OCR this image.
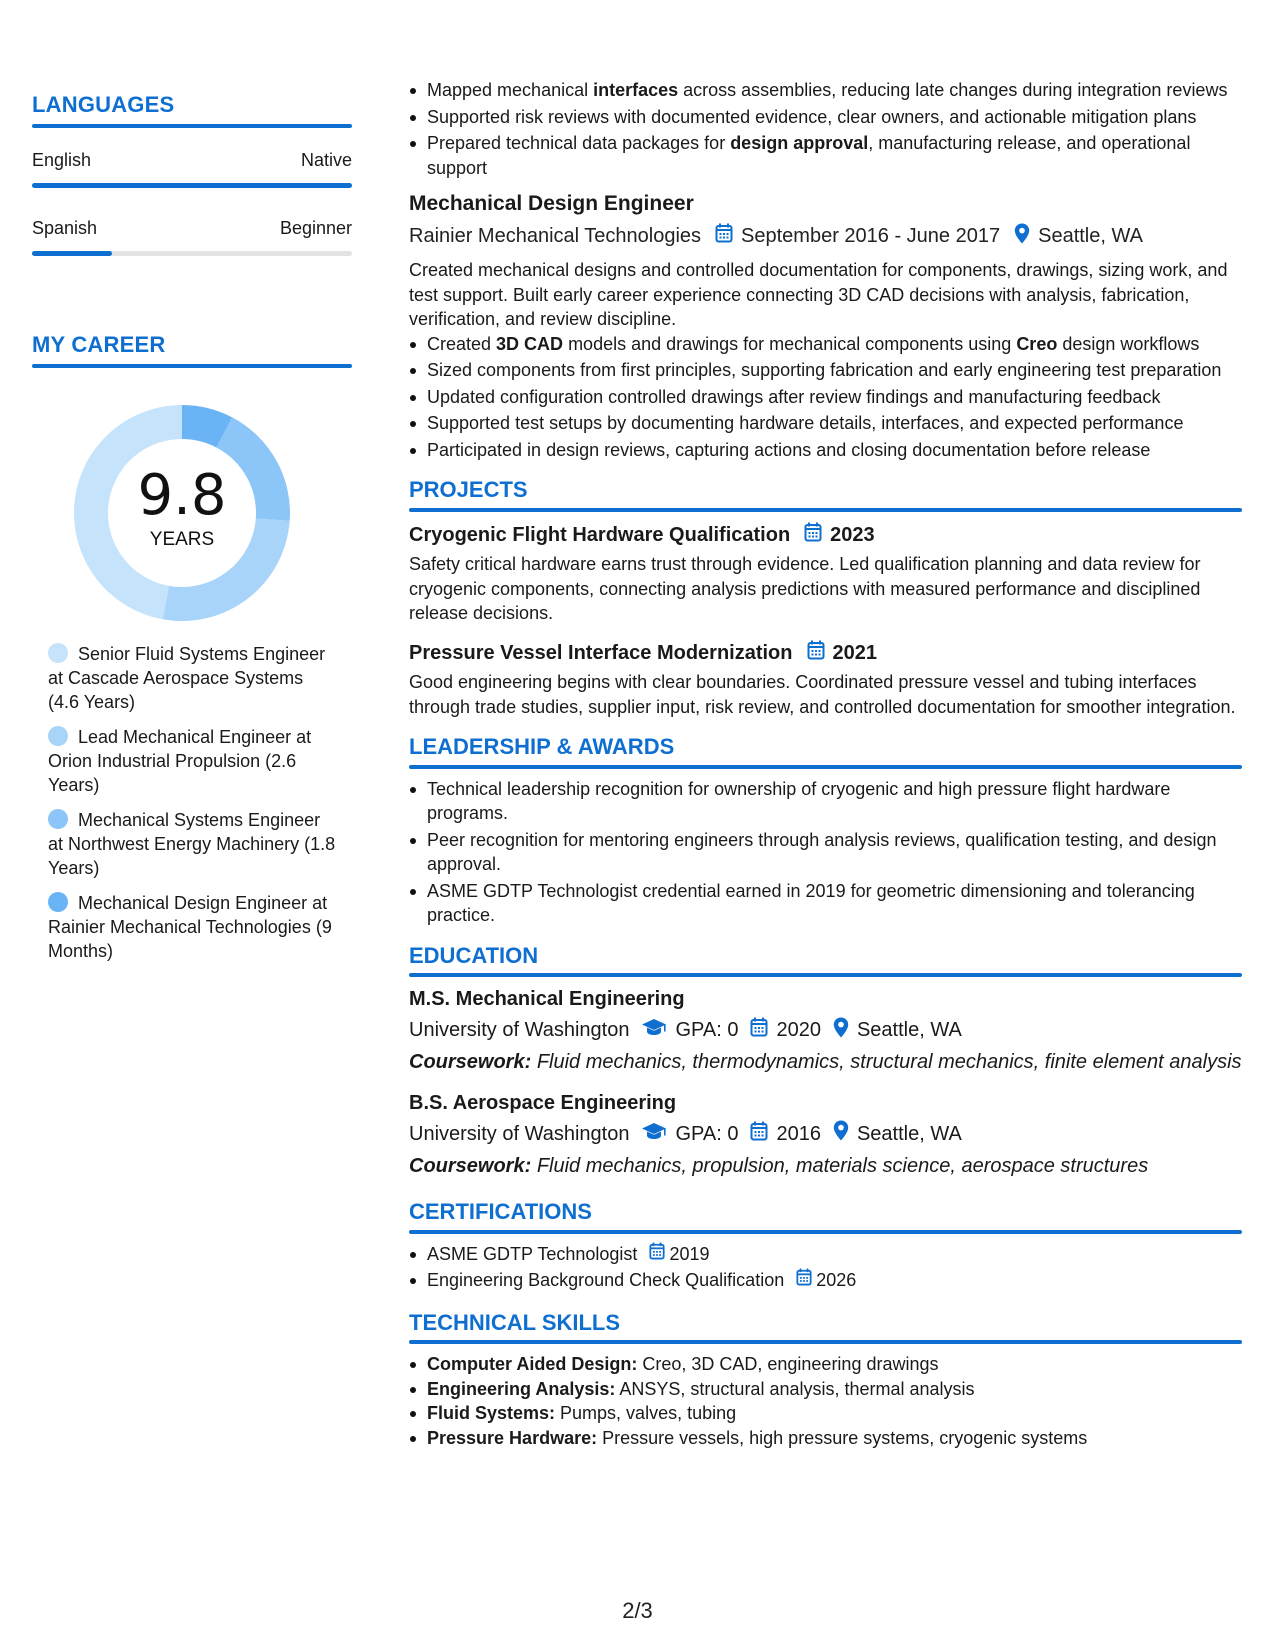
LANGUAGES
English	Native
Spanish	Beginner
MY CAREER
9.8
YEARS
Senior Fluid Systems Engineer at Cascade Aerospace Systems (4.6 Years)
Lead Mechanical Engineer at Orion Industrial Propulsion (2.6 Years)
Mechanical Systems Engineer at Northwest Energy Machinery (1.8 Years)
Mechanical Design Engineer at Rainier Mechanical Technologies (9 Months)
Mapped mechanical interfaces across assemblies, reducing late changes during integration reviews
Supported risk reviews with documented evidence, clear owners, and actionable mitigation plans
Prepared technical data packages for design approval, manufacturing release, and operational support
Mechanical Design Engineer
Rainier Mechanical Technologies September 2016 - June 2017 Seattle, WA
Created mechanical designs and controlled documentation for components, drawings, sizing work, and test support. Built early career experience connecting 3D CAD decisions with analysis, fabrication, verification, and review discipline.
Created 3D CAD models and drawings for mechanical components using Creo design workflows
Sized components from first principles, supporting fabrication and early engineering test preparation
Updated configuration controlled drawings after review findings and manufacturing feedback
Supported test setups by documenting hardware details, interfaces, and expected performance
Participated in design reviews, capturing actions and closing documentation before release
PROJECTS
Cryogenic Flight Hardware Qualification 2023
Safety critical hardware earns trust through evidence. Led qualification planning and data review for cryogenic components, connecting analysis predictions with measured performance and disciplined release decisions.
Pressure Vessel Interface Modernization 2021
Good engineering begins with clear boundaries. Coordinated pressure vessel and tubing interfaces through trade studies, supplier input, risk review, and controlled documentation for smoother integration.
LEADERSHIP & AWARDS
Technical leadership recognition for ownership of cryogenic and high pressure flight hardware programs.
Peer recognition for mentoring engineers through analysis reviews, qualification testing, and design approval.
ASME GDTP Technologist credential earned in 2019 for geometric dimensioning and tolerancing practice.
EDUCATION
M.S. Mechanical Engineering
University of Washington GPA: 0 2020 Seattle, WA
Coursework: Fluid mechanics, thermodynamics, structural mechanics, finite element analysis
B.S. Aerospace Engineering
University of Washington GPA: 0 2016 Seattle, WA
Coursework: Fluid mechanics, propulsion, materials science, aerospace structures
CERTIFICATIONS
ASME GDTP Technologist 2019
Engineering Background Check Qualification 2026
TECHNICAL SKILLS
Computer Aided Design: Creo, 3D CAD, engineering drawings
Engineering Analysis: ANSYS, structural analysis, thermal analysis
Fluid Systems: Pumps, valves, tubing
Pressure Hardware: Pressure vessels, high pressure systems, cryogenic systems
2/3
